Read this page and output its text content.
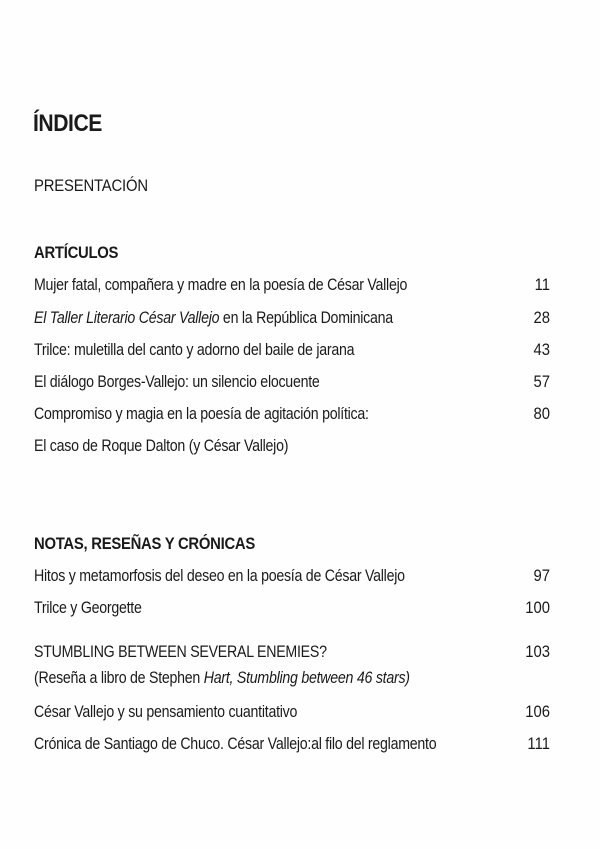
ÍNDICE
PRESENTACIÓN
ARTÍCULOS
Mujer fatal, compañera y madre en la poesía de César Vallejo	11
El Taller Literario César Vallejo en la República Dominicana	28
Trilce: muletilla del canto y adorno del baile de jarana	43
El diálogo Borges-Vallejo: un silencio elocuente	57
Compromiso y magia en la poesía de agitación política:	80
El caso de Roque Dalton (y César Vallejo)
NOTAS, RESEÑAS Y CRÓNICAS
Hitos y metamorfosis del deseo en la poesía de César Vallejo	97
Trilce y Georgette	100
STUMBLING BETWEEN SEVERAL ENEMIES?	103
(Reseña a libro de Stephen Hart, Stumbling between 46 stars)
César Vallejo y su pensamiento cuantitativo	106
Crónica de Santiago de Chuco. César Vallejo:al filo del reglamento	111
